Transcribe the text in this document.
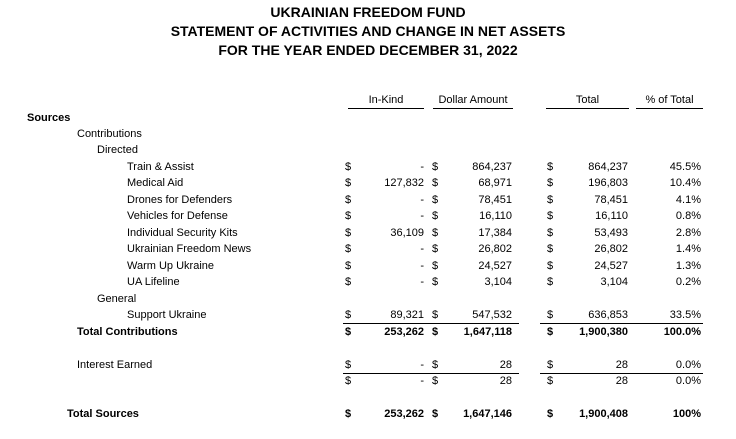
UKRAINIAN FREEDOM FUND
STATEMENT OF ACTIVITIES AND CHANGE IN NET ASSETS
FOR THE YEAR ENDED DECEMBER 31, 2022
In-Kind	Dollar Amount	Total	% of Total
Sources
Contributions
Directed
Train & Assist	$	- $	864,237	$	864,237	45.5%
Medical Aid	$	127,832 $	68,971	$	196,803	10.4%
Drones for Defenders	$	- $	78,451	$	78,451	4.1%
Vehicles for Defense	$	- $	16,110	$	16,110	0.8%
Individual Security Kits	$	36,109 $	17,384	$	53,493	2.8%
Ukrainian Freedom News	$	- $	26,802	$	26,802	1.4%
Warm Up Ukraine	$	- $	24,527	$	24,527	1.3%
UA Lifeline	$	- $	3,104	$	3,104	0.2%
General
Support Ukraine	$	89,321 $	547,532	$	636,853	33.5%
Total Contributions	$	253,262 $ 1,647,118	$ 1,900,380	100.0%
Interest Earned	$	- $	28	$	28	0.0%
$	- $	28	$	28	0.0%
Total Sources	$	253,262 $ 1,647,146	$ 1,900,408	100%
